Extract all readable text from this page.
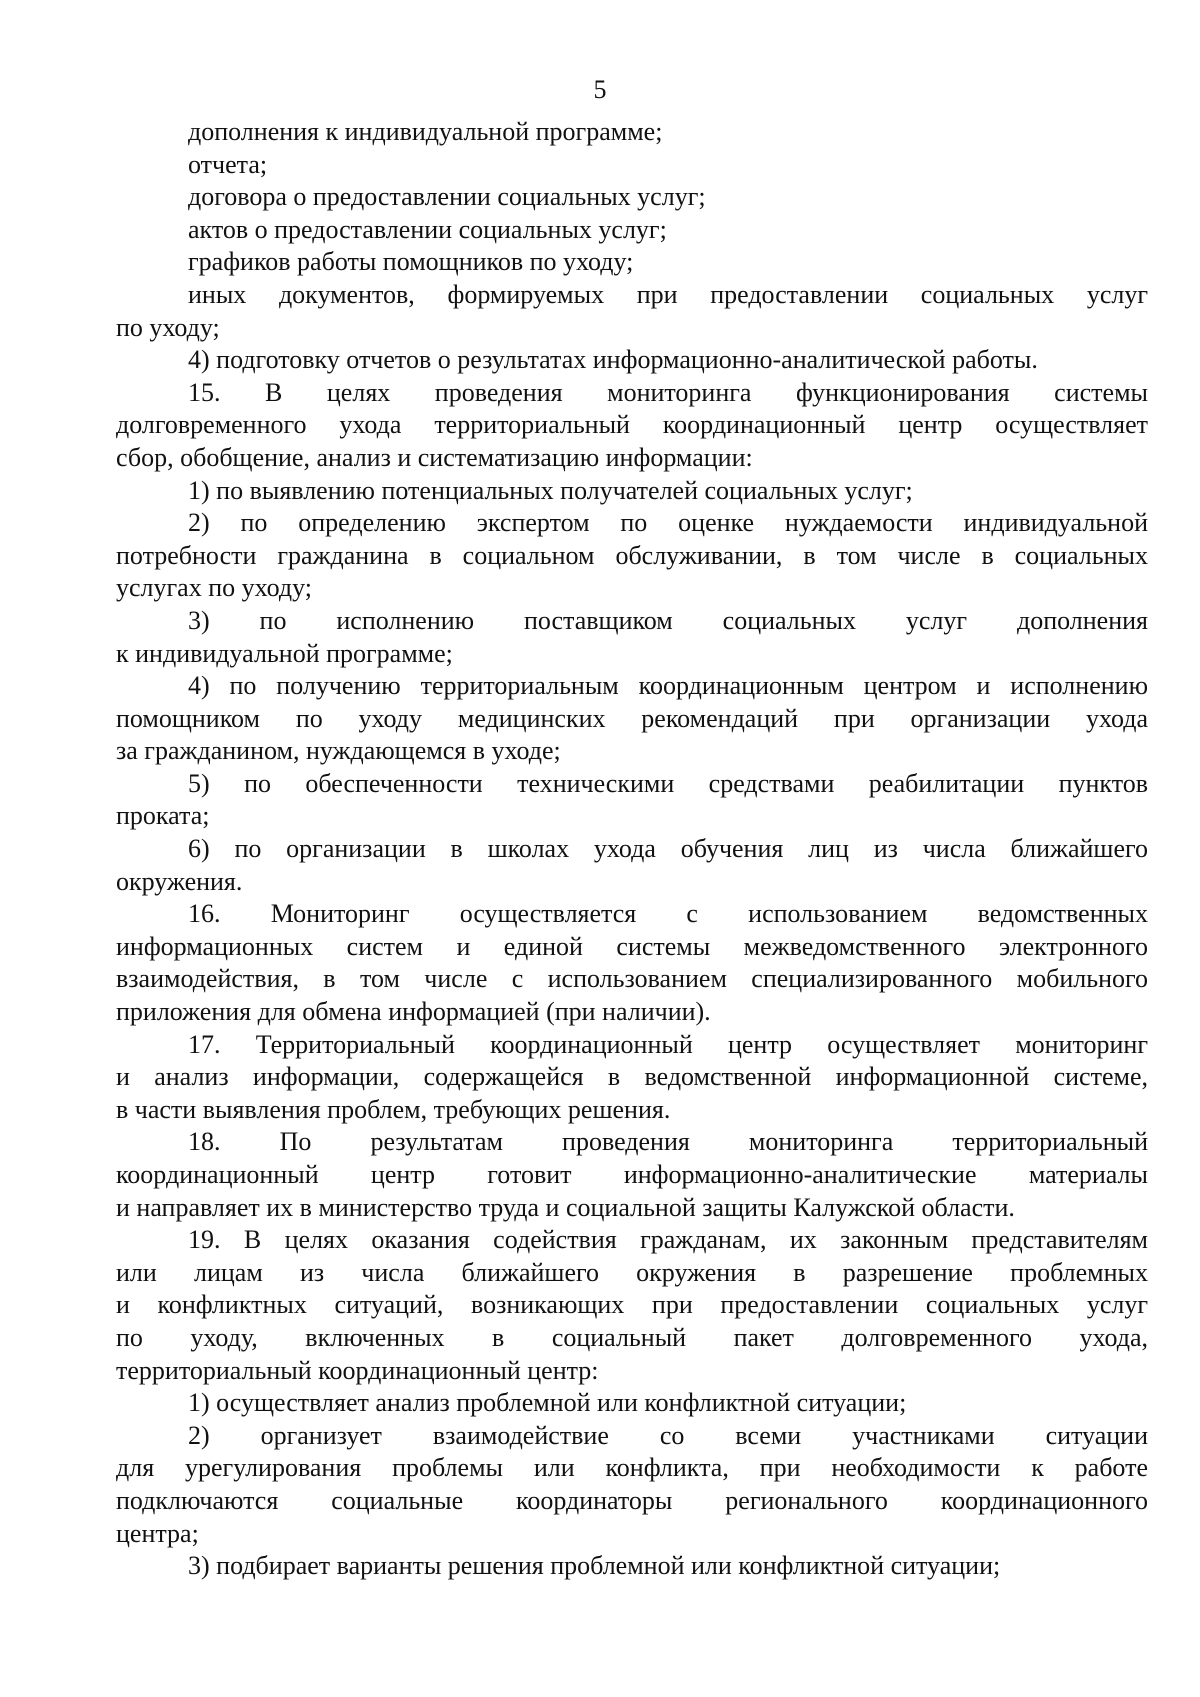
5
дополнения к индивидуальной программе;
отчета;
договора о предоставлении социальных услуг;
актов о предоставлении социальных услуг;
графиков работы помощников по уходу;
иных документов, формируемых при предоставлении социальных услуг
по уходу;
4) подготовку отчетов о результатах информационно-аналитической работы.
15. В целях проведения мониторинга функционирования системы
долговременного ухода территориальный координационный центр осуществляет
сбор, обобщение, анализ и систематизацию информации:
1) по выявлению потенциальных получателей социальных услуг;
2) по определению экспертом по оценке нуждаемости индивидуальной
потребности гражданина в социальном обслуживании, в том числе в социальных
услугах по уходу;
3) по исполнению поставщиком социальных услуг дополнения
к индивидуальной программе;
4) по получению территориальным координационным центром и исполнению
помощником по уходу медицинских рекомендаций при организации ухода
за гражданином, нуждающемся в уходе;
5) по обеспеченности техническими средствами реабилитации пунктов
проката;
6) по организации в школах ухода обучения лиц из числа ближайшего
окружения.
16. Мониторинг осуществляется с использованием ведомственных
информационных систем и единой системы межведомственного электронного
взаимодействия, в том числе с использованием специализированного мобильного
приложения для обмена информацией (при наличии).
17. Территориальный координационный центр осуществляет мониторинг
и анализ информации, содержащейся в ведомственной информационной системе,
в части выявления проблем, требующих решения.
18. По результатам проведения мониторинга территориальный
координационный центр готовит информационно-аналитические материалы
и направляет их в министерство труда и социальной защиты Калужской области.
19. В целях оказания содействия гражданам, их законным представителям
или лицам из числа ближайшего окружения в разрешение проблемных
и конфликтных ситуаций, возникающих при предоставлении социальных услуг
по уходу, включенных в социальный пакет долговременного ухода,
территориальный координационный центр:
1) осуществляет анализ проблемной или конфликтной ситуации;
2) организует взаимодействие со всеми участниками ситуации
для урегулирования проблемы или конфликта, при необходимости к работе
подключаются социальные координаторы регионального координационного
центра;
3) подбирает варианты решения проблемной или конфликтной ситуации;
